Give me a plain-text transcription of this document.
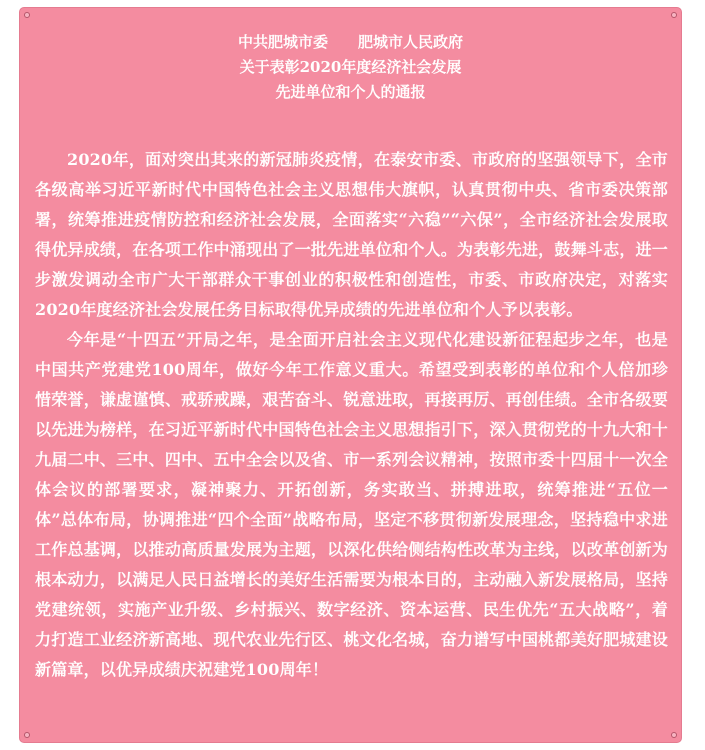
中共肥城市委　　肥城市人民政府
关于表彰2020年度经济社会发展
先进单位和个人的通报

2020年，面对突出其来的新冠肺炎疫情，在泰安市委、市政府的坚强领导下，全市各级高举习近平新时代中国特色社会主义思想伟大旗帜，认真贯彻中央、省市委决策部署，统筹推进疫情防控和经济社会发展，全面落实“六稳”“六保”，全市经济社会发展取得优异成绩，在各项工作中涌现出了一批先进单位和个人。为表彰先进，鼓舞斗志，进一步激发调动全市广大干部群众干事创业的积极性和创造性，市委、市政府决定，对落实2020年度经济社会发展任务目标取得优异成绩的先进单位和个人予以表彰。

今年是“十四五”开局之年，是全面开启社会主义现代化建设新征程起步之年，也是中国共产党建党100周年，做好今年工作意义重大。希望受到表彰的单位和个人倍加珍惜荣誉，谦虚谨慎、戒骄戒躁，艰苦奋斗、锐意进取，再接再厉、再创佳绩。全市各级要以先进为榜样，在习近平新时代中国特色社会主义思想指引下，深入贯彻党的十九大和十九届二中、三中、四中、五中全会以及省、市一系列会议精神，按照市委十四届十一次全体会议的部署要求，凝神聚力、开拓创新，务实敢当、拼搏进取，统筹推进“五位一体”总体布局，协调推进“四个全面”战略布局，坚定不移贯彻新发展理念，坚持稳中求进工作总基调，以推动高质量发展为主题，以深化供给侧结构性改革为主线，以改革创新为根本动力，以满足人民日益增长的美好生活需要为根本目的，主动融入新发展格局，坚持党建统领，实施产业升级、乡村振兴、数字经济、资本运营、民生优先“五大战略”，着力打造工业经济新高地、现代农业先行区、桃文化名城，奋力谱写中国桃都美好肥城建设新篇章，以优异成绩庆祝建党100周年！
